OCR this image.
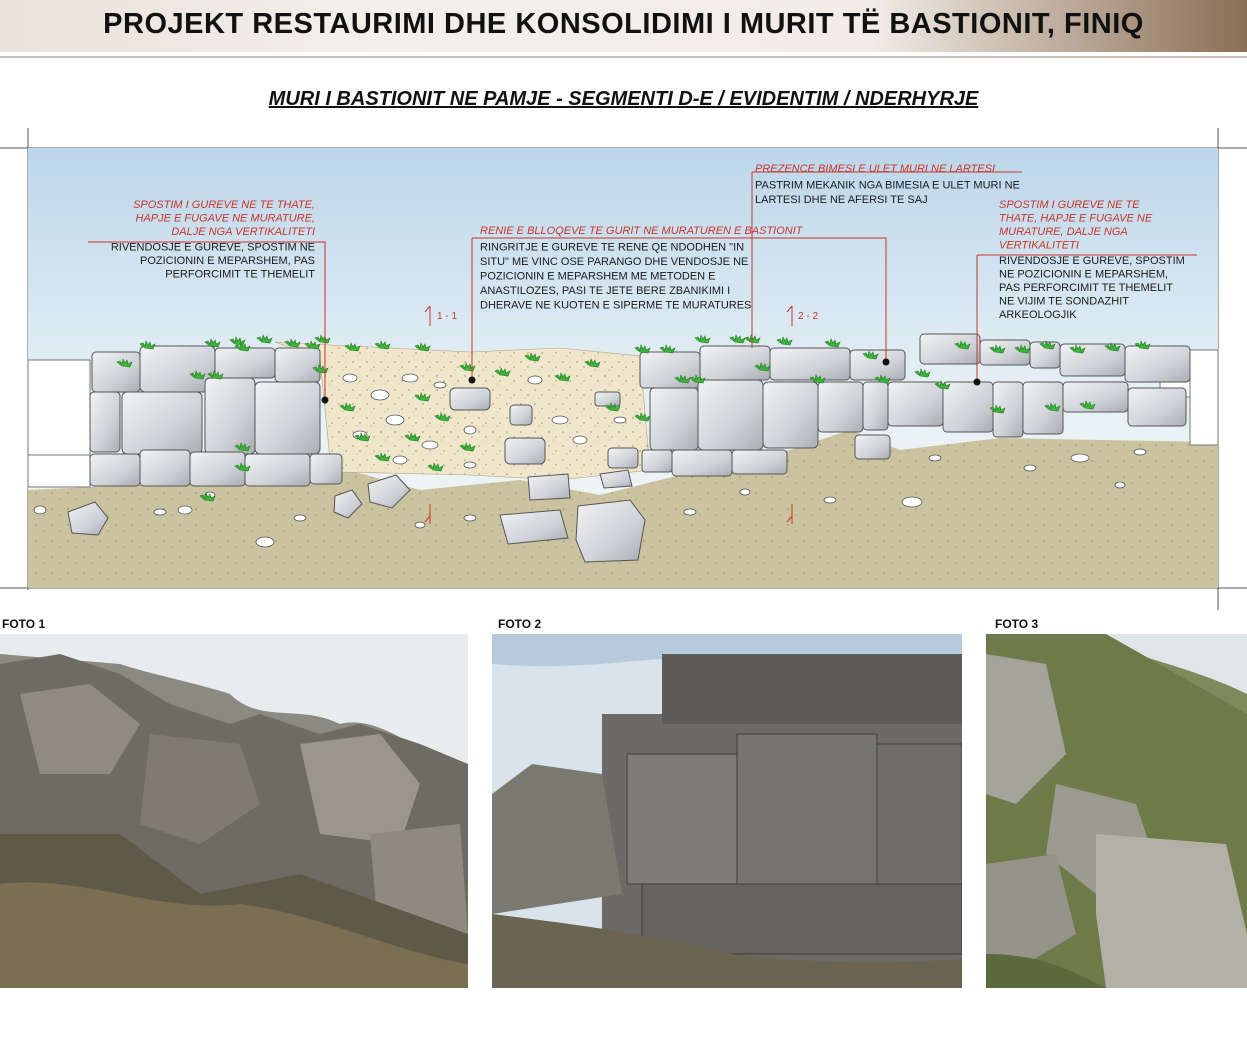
PROJEKT RESTAURIMI DHE KONSOLIDIMI I MURIT TË BASTIONIT, FINIQ
MURI I BASTIONIT NE PAMJE - SEGMENTI D-E / EVIDENTIM / NDERHYRJE
1 - 1	2 - 2
SPOSTIM I GUREVE NE TE THATE,
HAPJE E FUGAVE NE MURATURE,
DALJE NGA VERTIKALITETI
RIVENDOSJE E GUREVE, SPOSTIM NE
POZICIONIN E MEPARSHEM, PAS
PERFORCIMIT TE THEMELIT
RENIE E BLLOQEVE TE GURIT NE MURATUREN E BASTIONIT
RINGRITJE E GUREVE TE RENE QE NDODHEN "IN
SITU" ME VINC OSE PARANGO DHE VENDOSJE NE
POZICIONIN E MEPARSHEM ME METODEN E
ANASTILOZES, PASI TE JETE BERE ZBANIKIMI I
DHERAVE NE KUOTEN E SIPERME TE MURATURES
PREZENCE BIMESI E ULET MURI NE LARTESI
PASTRIM MEKANIK NGA BIMESIA E ULET MURI NE
LARTESI DHE NE AFERSI TE SAJ	SPOSTIM I GUREVE NE TE
THATE, HAPJE E FUGAVE NE
MURATURE, DALJE NGA
VERTIKALITETI
RIVENDOSJE E GUREVE, SPOSTIM
NE POZICIONIN E MEPARSHEM,
PAS PERFORCIMIT TE THEMELIT
NE VIJIM TE SONDAZHIT
ARKEOLOGJIK
FOTO 1	FOTO 2	FOTO 3
